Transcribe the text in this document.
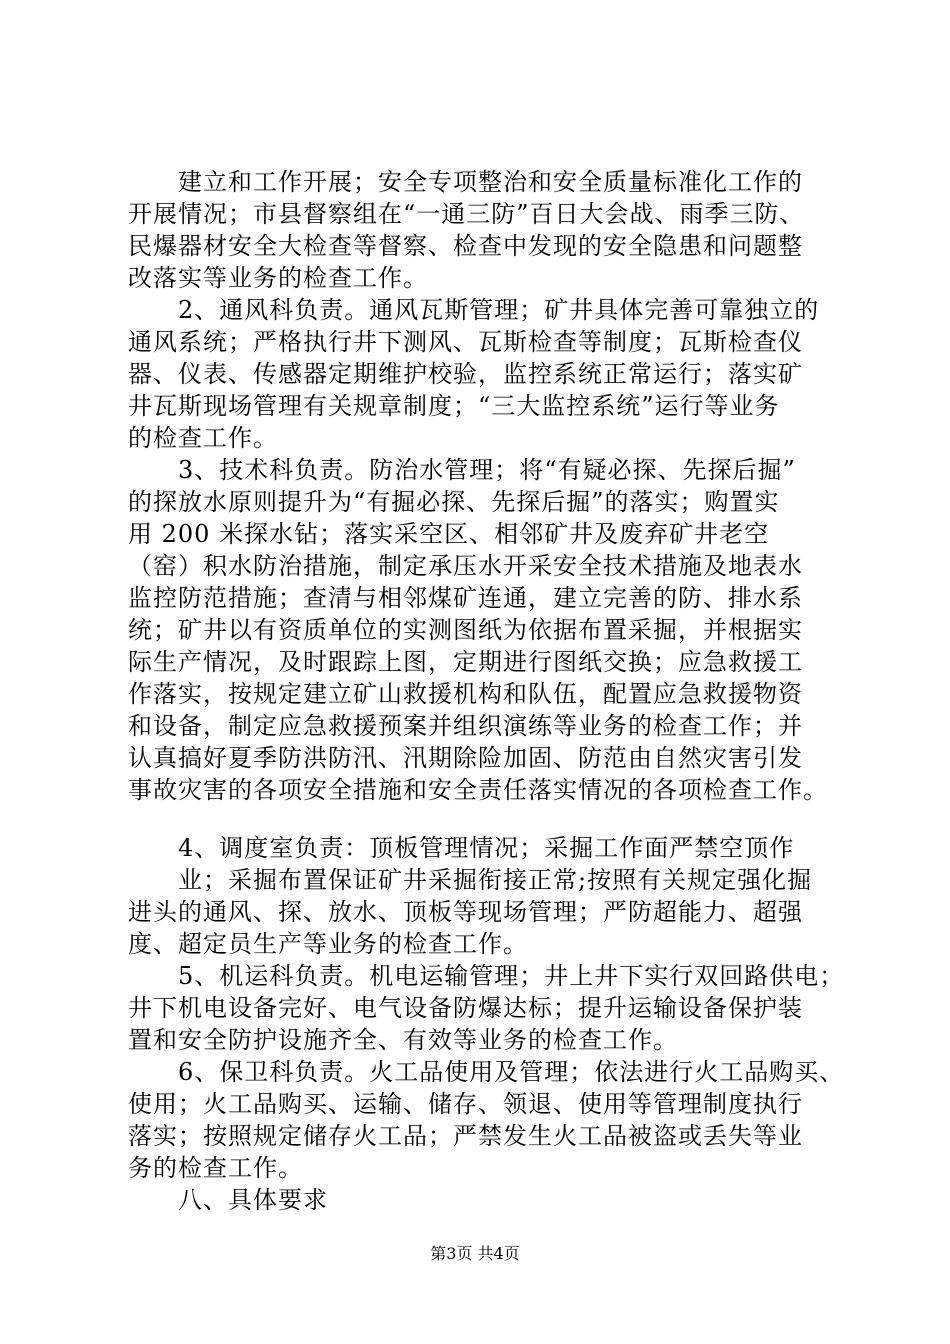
　　建立和工作开展；安全专项整治和安全质量标准化工作的
开展情况；市县督察组在“一通三防”百日大会战、雨季三防、
民爆器材安全大检查等督察、检查中发现的安全隐患和问题整
改落实等业务的检查工作。
　　2、通风科负责。通风瓦斯管理；矿井具体完善可靠独立的
通风系统；严格执行井下测风、瓦斯检查等制度；瓦斯检查仪
器、仪表、传感器定期维护校验，监控系统正常运行；落实矿
井瓦斯现场管理有关规章制度；“三大监控系统”运行等业务
的检查工作。
　　3、技术科负责。防治水管理；将“有疑必探、先探后掘”
的探放水原则提升为“有掘必探、先探后掘”的落实；购置实
用 200 米探水钻；落实采空区、相邻矿井及废弃矿井老空
（窑）积水防治措施，制定承压水开采安全技术措施及地表水
监控防范措施；查清与相邻煤矿连通，建立完善的防、排水系
统；矿井以有资质单位的实测图纸为依据布置采掘，并根据实
际生产情况，及时跟踪上图，定期进行图纸交换；应急救援工
作落实，按规定建立矿山救援机构和队伍，配置应急救援物资
和设备，制定应急救援预案并组织演练等业务的检查工作；并
认真搞好夏季防洪防汛、汛期除险加固、防范由自然灾害引发
事故灾害的各项安全措施和安全责任落实情况的各项检查工作。
　　4、调度室负责：顶板管理情况；采掘工作面严禁空顶作
　　业；采掘布置保证矿井采掘衔接正常;按照有关规定强化掘
进头的通风、探、放水、顶板等现场管理；严防超能力、超强
度、超定员生产等业务的检查工作。
　　5、机运科负责。机电运输管理；井上井下实行双回路供电；
井下机电设备完好、电气设备防爆达标；提升运输设备保护装
置和安全防护设施齐全、有效等业务的检查工作。
　　6、保卫科负责。火工品使用及管理；依法进行火工品购买、
使用；火工品购买、运输、储存、领退、使用等管理制度执行
落实；按照规定储存火工品；严禁发生火工品被盗或丢失等业
务的检查工作。
　　八、具体要求
第3页 共4页
